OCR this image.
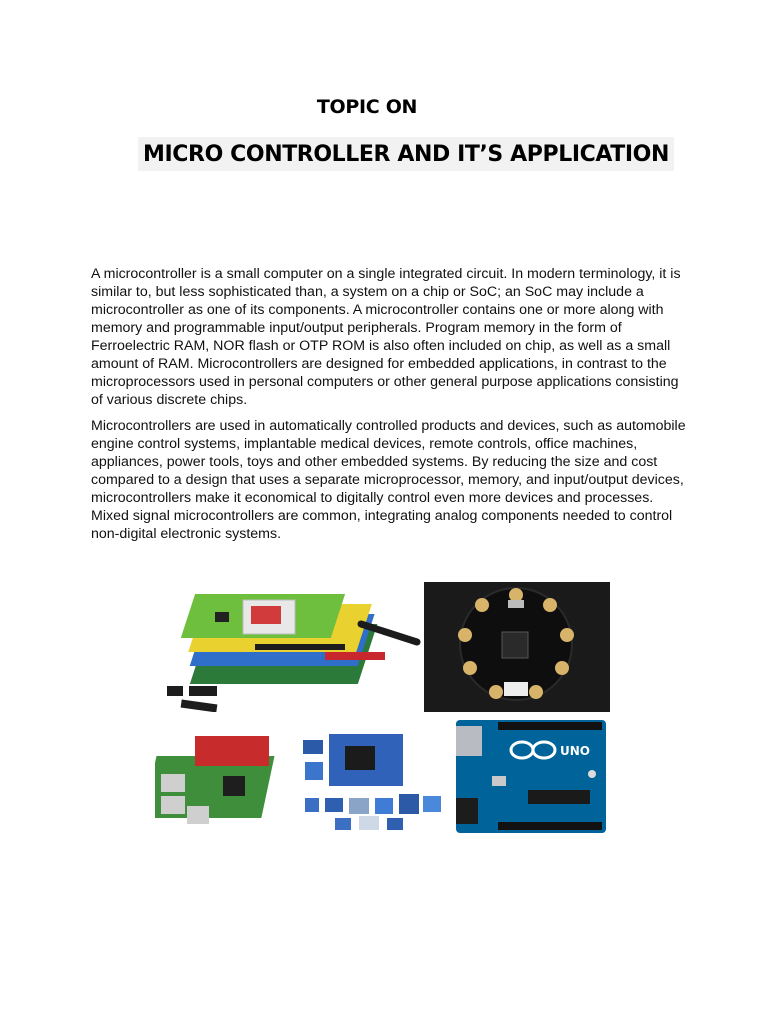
TOPIC ON
MICRO CONTROLLER AND IT’S APPLICATION

A microcontroller is a small computer on a single integrated circuit. In modern terminology, it is similar to, but less sophisticated than, a system on a chip or SoC; an SoC may include a microcontroller as one of its components. A microcontroller contains one or more along with memory and programmable input/output peripherals. Program memory in the form of Ferroelectric RAM, NOR flash or OTP ROM is also often included on chip, as well as a small amount of RAM. Microcontrollers are designed for embedded applications, in contrast to the microprocessors used in personal computers or other general purpose applications consisting of various discrete chips.

Microcontrollers are used in automatically controlled products and devices, such as automobile engine control systems, implantable medical devices, remote controls, office machines, appliances, power tools, toys and other embedded systems. By reducing the size and cost compared to a design that uses a separate microprocessor, memory, and input/output devices, microcontrollers make it economical to digitally control even more devices and processes. Mixed signal microcontrollers are common, integrating analog components needed to control non-digital electronic systems.

UNO
